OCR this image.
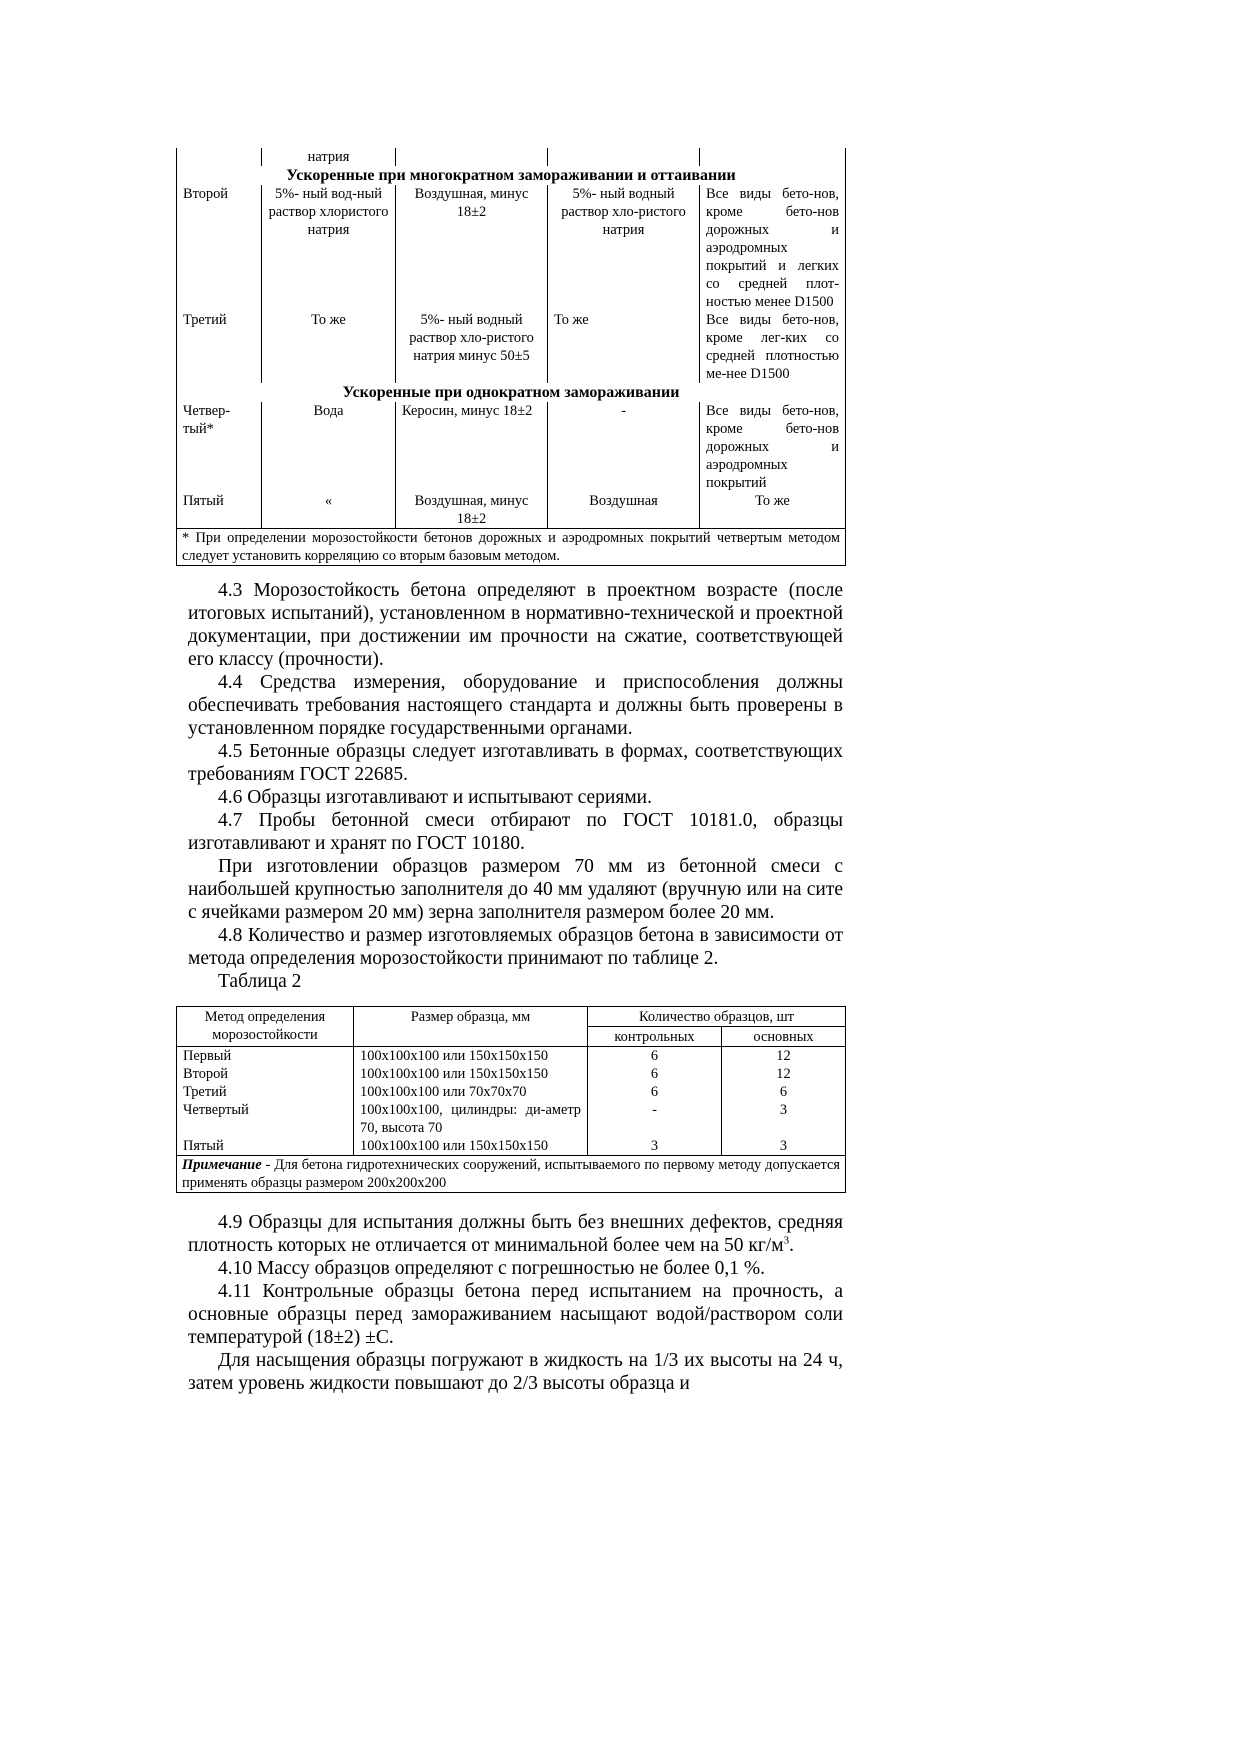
	натрия			
Ускоренные при многократном замораживании и оттаивании				
Второй	5%- ный вод-ный раствор хлористого натрия	Воздушная, минус 18±2	5%- ный водный раствор хло-ристого натрия	Все виды бето-нов, кроме бето-нов дорожных и аэродромных покрытий и легких со средней плот-ностью менее D1500
Третий	То же	5%- ный водный раствор хло-ристого натрия минус 50±5	То же	Все виды бето-нов, кроме лег-ких со средней плотностью ме-нее D1500
Ускоренные при однократном замораживании				
Четвер-тый*	Вода	Керосин, минус 18±2	-	Все виды бето-нов, кроме бето-нов дорожных и аэродромных покрытий
Пятый	«	Воздушная, минус 18±2	Воздушная	То же
* При определении морозостойкости бетонов дорожных и аэродромных покрытий четвертым методом следует установить корреляцию со вторым базовым методом.				

4.3 Морозостойкость бетона определяют в проектном возрасте (после итоговых испытаний), установленном в нормативно-технической и проектной документации, при достижении им прочности на сжатие, соответствующей его классу (прочности).

4.4 Средства измерения, оборудование и приспособления должны обеспечивать требования настоящего стандарта и должны быть проверены в установленном порядке государственными органами.

4.5 Бетонные образцы следует изготавливать в формах, соответствующих требованиям ГОСТ 22685.

4.6 Образцы изготавливают и испытывают сериями.

4.7 Пробы бетонной смеси отбирают по ГОСТ 10181.0, образцы изготавливают и хранят по ГОСТ 10180.

При изготовлении образцов размером 70 мм из бетонной смеси с наибольшей крупностью заполнителя до 40 мм удаляют (вручную или на сите с ячейками размером 20 мм) зерна заполнителя размером более 20 мм.

4.8 Количество и размер изготовляемых образцов бетона в зависимости от метода определения морозостойкости принимают по таблице 2.

Таблица 2

Метод определения морозостойкости	Размер образца, мм	Количество образцов, шт	
		контрольных	основных
Первый	100х100х100 или 150х150х150	6	12
Второй	100х100х100 или 150х150х150	6	12
Третий	100х100х100 или 70х70х70	6	6
Четвертый	100х100х100, цилиндры: ди-аметр 70, высота 70	-	3
Пятый	100х100х100 или 150х150х150	3	3
Примечание - Для бетона гидротехнических сооружений, испытываемого по первому методу допускается применять образцы размером 200х200х200			

4.9 Образцы для испытания должны быть без внешних дефектов, средняя плотность которых не отличается от минимальной более чем на 50 $кг/м^3$.

4.10 Массу образцов определяют с погрешностью не более 0,1 %.

4.11 Контрольные образцы бетона перед испытанием на прочность, а основные образцы перед замораживанием насыщают водой/раствором соли температурой (18±2) ±С.

Для насыщения образцы погружают в жидкость на 1/3 их высоты на 24 ч, затем уровень жидкости повышают до 2/3 высоты образца и
